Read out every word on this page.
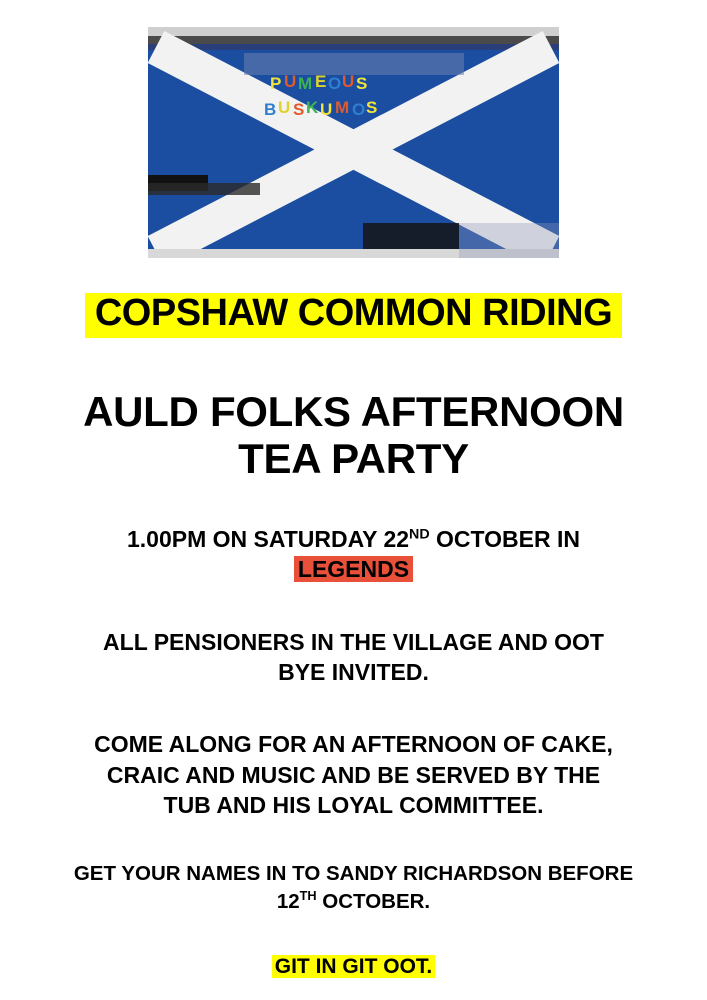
P U M E O U S
B U S K U M O S
COPSHAW COMMON RIDING
AULD FOLKS AFTERNOON
TEA PARTY
1.00PM ON SATURDAY 22ND OCTOBER IN
LEGENDS
ALL PENSIONERS IN THE VILLAGE AND OOT
BYE INVITED.
COME ALONG FOR AN AFTERNOON OF CAKE,
CRAIC AND MUSIC AND BE SERVED BY THE
TUB AND HIS LOYAL COMMITTEE.
GET YOUR NAMES IN TO SANDY RICHARDSON BEFORE
12TH OCTOBER.
GIT IN GIT OOT.
